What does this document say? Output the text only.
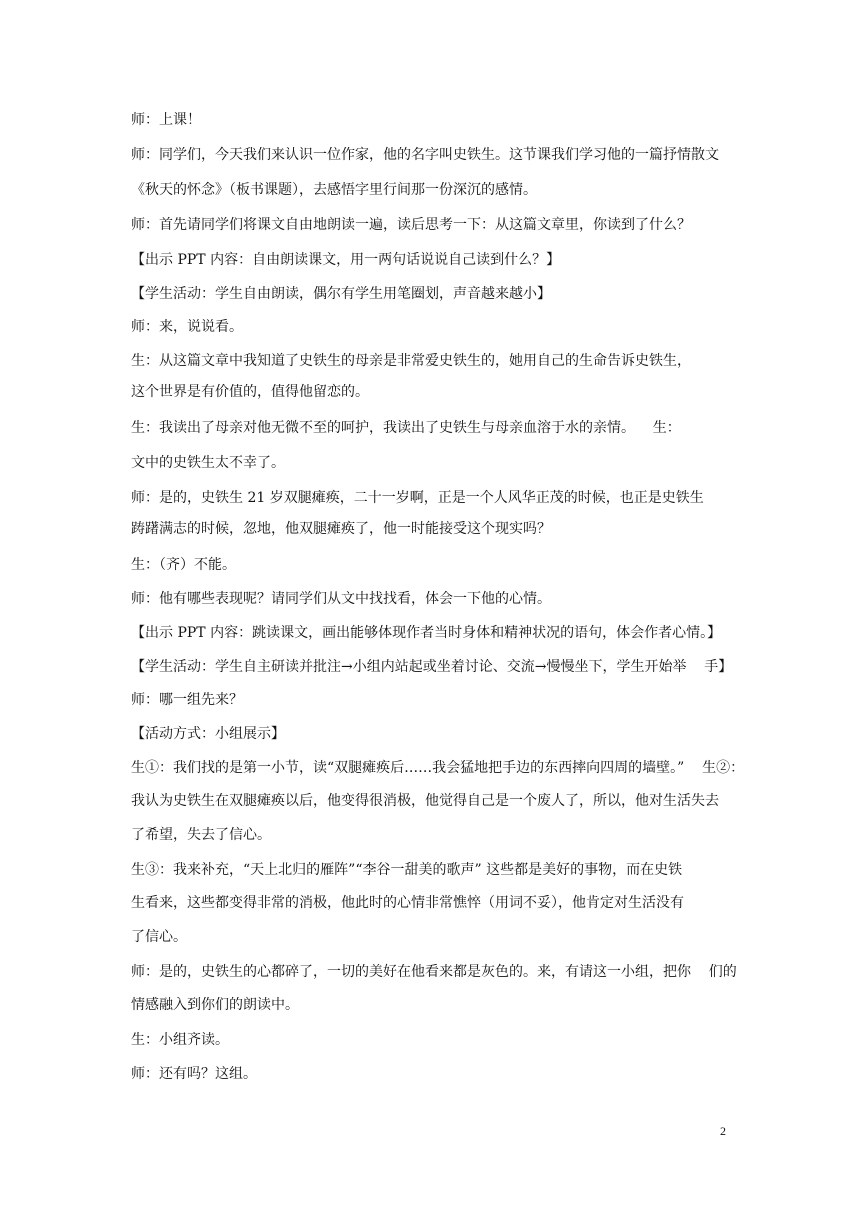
师：上课！
师：同学们，今天我们来认识一位作家，他的名字叫史铁生。这节课我们学习他的一篇抒情散文
《秋天的怀念》（板书课题），去感悟字里行间那一份深沉的感情。
师：首先请同学们将课文自由地朗读一遍，读后思考一下：从这篇文章里，你读到了什么？
【出示 PPT 内容：自由朗读课文，用一两句话说说自己读到什么？】
【学生活动：学生自由朗读，偶尔有学生用笔圈划，声音越来越小】
师：来，说说看。
生：从这篇文章中我知道了史铁生的母亲是非常爱史铁生的，她用自己的生命告诉史铁生，
这个世界是有价值的，值得他留恋的。
生：我读出了母亲对他无微不至的呵护，我读出了史铁生与母亲血溶于水的亲情。    生：
文中的史铁生太不幸了。
师：是的，史铁生 21 岁双腿瘫痪，二十一岁啊，正是一个人风华正茂的时候，也正是史铁生
踌躇满志的时候，忽地，他双腿瘫痪了，他一时能接受这个现实吗？
生：（齐）不能。
师：他有哪些表现呢？请同学们从文中找找看，体会一下他的心情。
【出示 PPT 内容：跳读课文，画出能够体现作者当时身体和精神状况的语句，体会作者心情。】
【学生活动：学生自主研读并批注→小组内站起或坐着讨论、交流→慢慢坐下，学生开始举    手】
师：哪一组先来？
【活动方式：小组展示】
生①：我们找的是第一小节，读“双腿瘫痪后……我会猛地把手边的东西摔向四周的墙壁。”    生②：
我认为史铁生在双腿瘫痪以后，他变得很消极，他觉得自己是一个废人了，所以，他对生活失去
了希望，失去了信心。
生③：我来补充，“天上北归的雁阵”“李谷一甜美的歌声” 这些都是美好的事物，而在史铁
生看来，这些都变得非常的消极，他此时的心情非常憔悴（用词不妥），他肯定对生活没有
了信心。
师：是的，史铁生的心都碎了，一切的美好在他看来都是灰色的。来，有请这一小组，把你    们的
情感融入到你们的朗读中。
生：小组齐读。
师：还有吗？这组。
2
